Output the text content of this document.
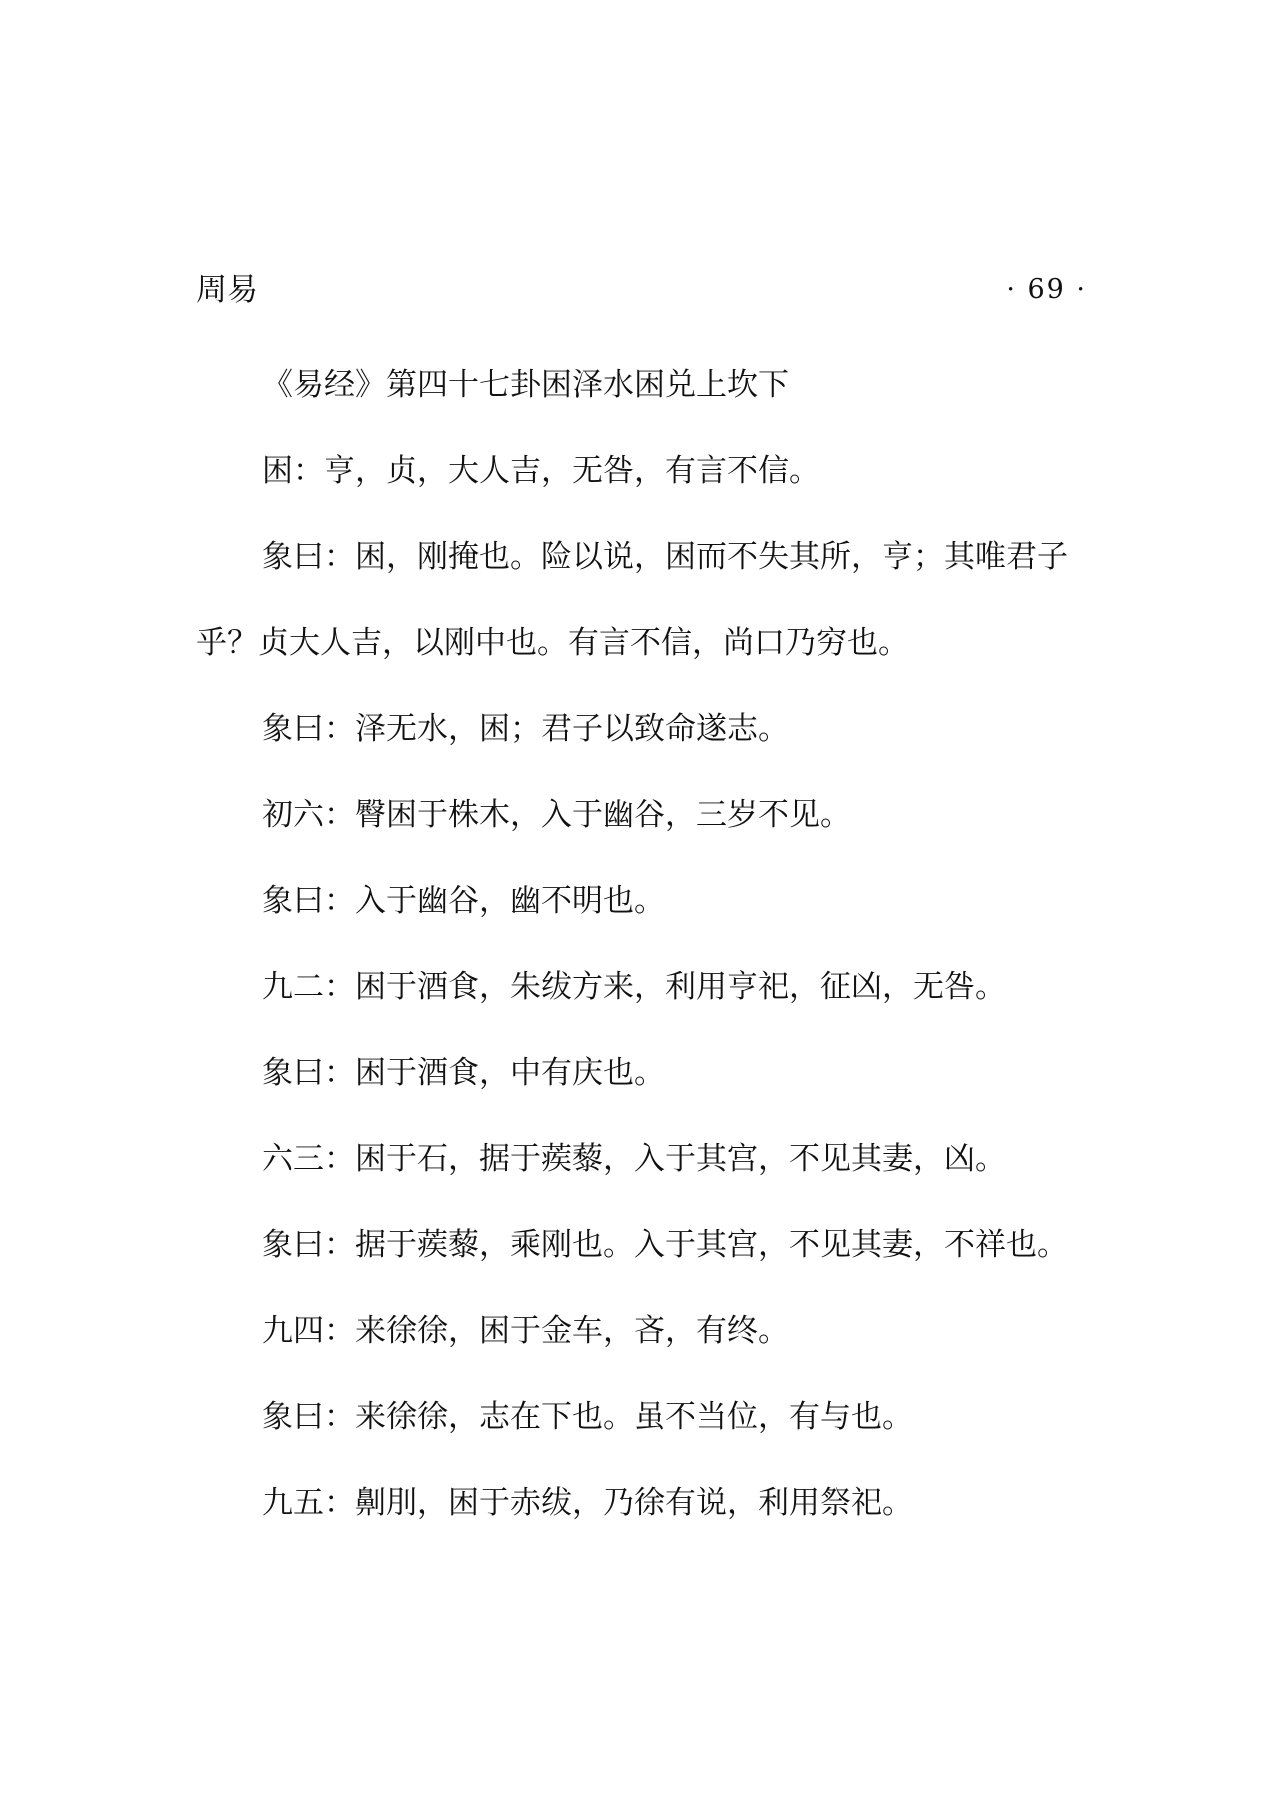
周易	· 69 ·

《易经》第四十七卦困泽水困兑上坎下

困：亨，贞，大人吉，无咎，有言不信。

象曰：困，刚掩也。险以说，困而不失其所，亨；其唯君子乎？贞大人吉，以刚中也。有言不信，尚口乃穷也。

象曰：泽无水，困；君子以致命遂志。

初六：臀困于株木，入于幽谷，三岁不见。

象曰：入于幽谷，幽不明也。

九二：困于酒食，朱绂方来，利用亨祀，征凶，无咎。

象曰：困于酒食，中有庆也。

六三：困于石，据于蒺藜，入于其宫，不见其妻，凶。

象曰：据于蒺藜，乘刚也。入于其宫，不见其妻，不祥也。

九四：来徐徐，困于金车，吝，有终。

象曰：来徐徐，志在下也。虽不当位，有与也。

九五：劓刖，困于赤绂，乃徐有说，利用祭祀。
